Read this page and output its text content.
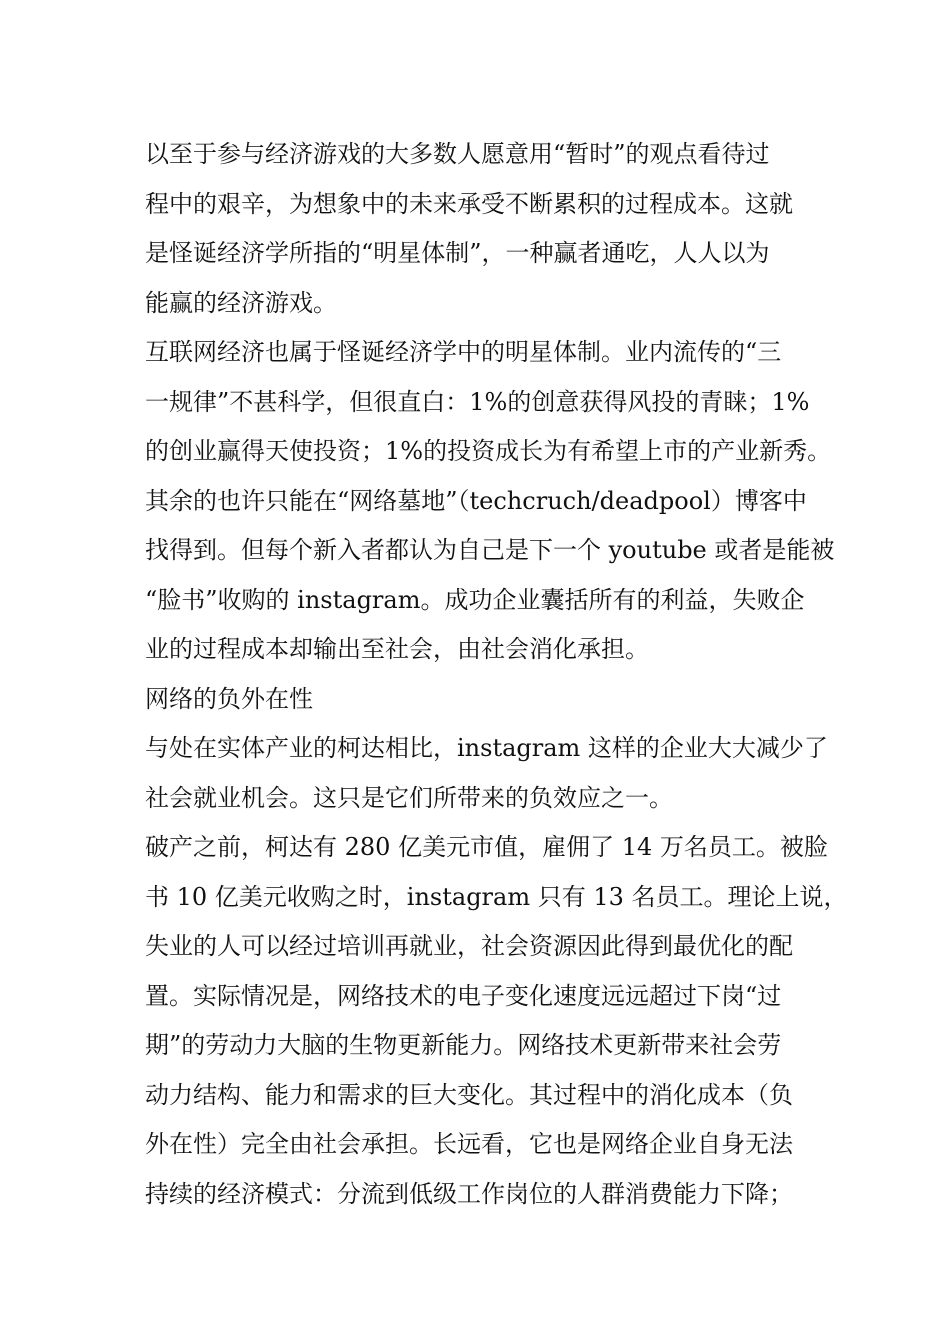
以至于参与经济游戏的大多数人愿意用“暂时”的观点看待过
程中的艰辛，为想象中的未来承受不断累积的过程成本。这就
是怪诞经济学所指的“明星体制”，一种赢者通吃，人人以为
能赢的经济游戏。
互联网经济也属于怪诞经济学中的明星体制。业内流传的“三
一规律”不甚科学，但很直白：1%的创意获得风投的青睐；1%
的创业赢得天使投资；1%的投资成长为有希望上市的产业新秀。
其余的也许只能在“网络墓地”（techcruch/deadpool）博客中
找得到。但每个新入者都认为自己是下一个 youtube 或者是能被
“脸书”收购的 instagram。成功企业囊括所有的利益，失败企
业的过程成本却输出至社会，由社会消化承担。
网络的负外在性
与处在实体产业的柯达相比，instagram 这样的企业大大减少了
社会就业机会。这只是它们所带来的负效应之一。
破产之前，柯达有 280 亿美元市值，雇佣了 14 万名员工。被脸
书 10 亿美元收购之时，instagram 只有 13 名员工。理论上说，
失业的人可以经过培训再就业，社会资源因此得到最优化的配
置。实际情况是，网络技术的电子变化速度远远超过下岗“过
期”的劳动力大脑的生物更新能力。网络技术更新带来社会劳
动力结构、能力和需求的巨大变化。其过程中的消化成本（负
外在性）完全由社会承担。长远看，它也是网络企业自身无法
持续的经济模式：分流到低级工作岗位的人群消费能力下降；
